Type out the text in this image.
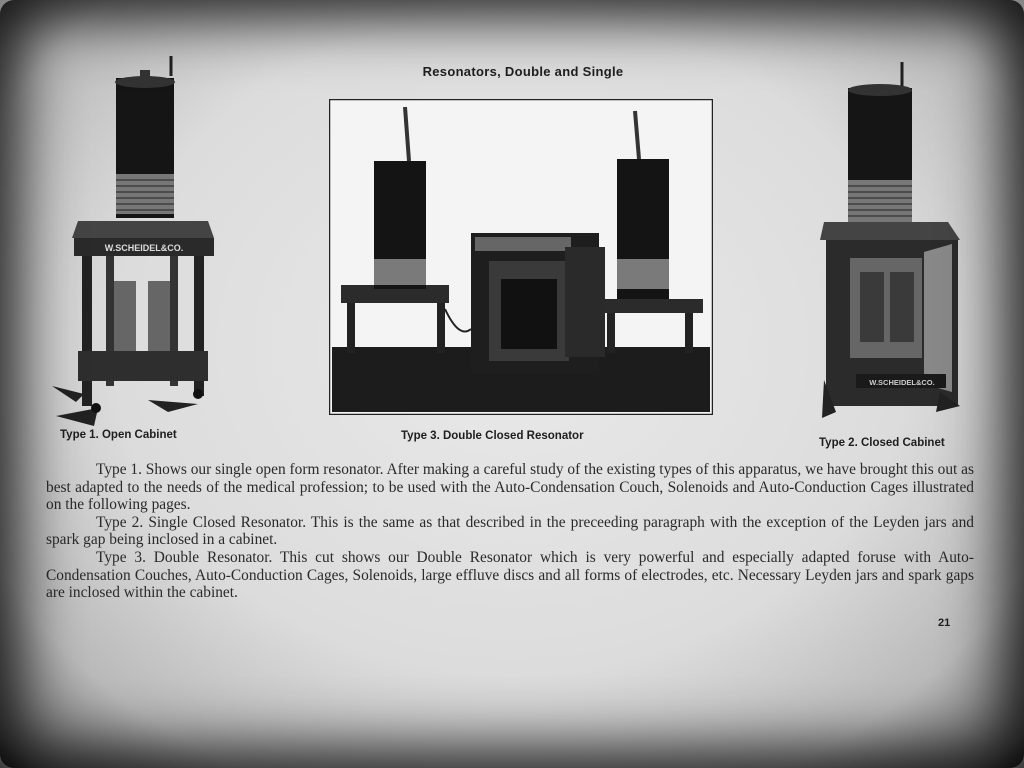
Resonators, Double and Single
W.SCHEIDEL&CO.
Type 1. Open Cabinet	Type 3. Double Closed Resonator
W.SCHEIDEL&CO.
Type 2. Closed Cabinet

Type 1. Shows our single open form resonator. After making a careful study of the existing types of this apparatus, we have brought this out as best adapted to the needs of the medical profession; to be used with the Auto-Condensation Couch, Solenoids and Auto-Conduction Cages illustrated on the following pages.

Type 2. Single Closed Resonator. This is the same as that described in the preceeding paragraph with the exception of the Leyden jars and spark gap being inclosed in a cabinet.

Type 3. Double Resonator. This cut shows our Double Resonator which is very powerful and especially adapted forusе with Auto-Condensation Couches, Auto-Conduction Cages, Solenoids, large effluve discs and all forms of electrodes, etc. Necessary Leyden jars and spark gaps are inclosed within the cabinet.

21
